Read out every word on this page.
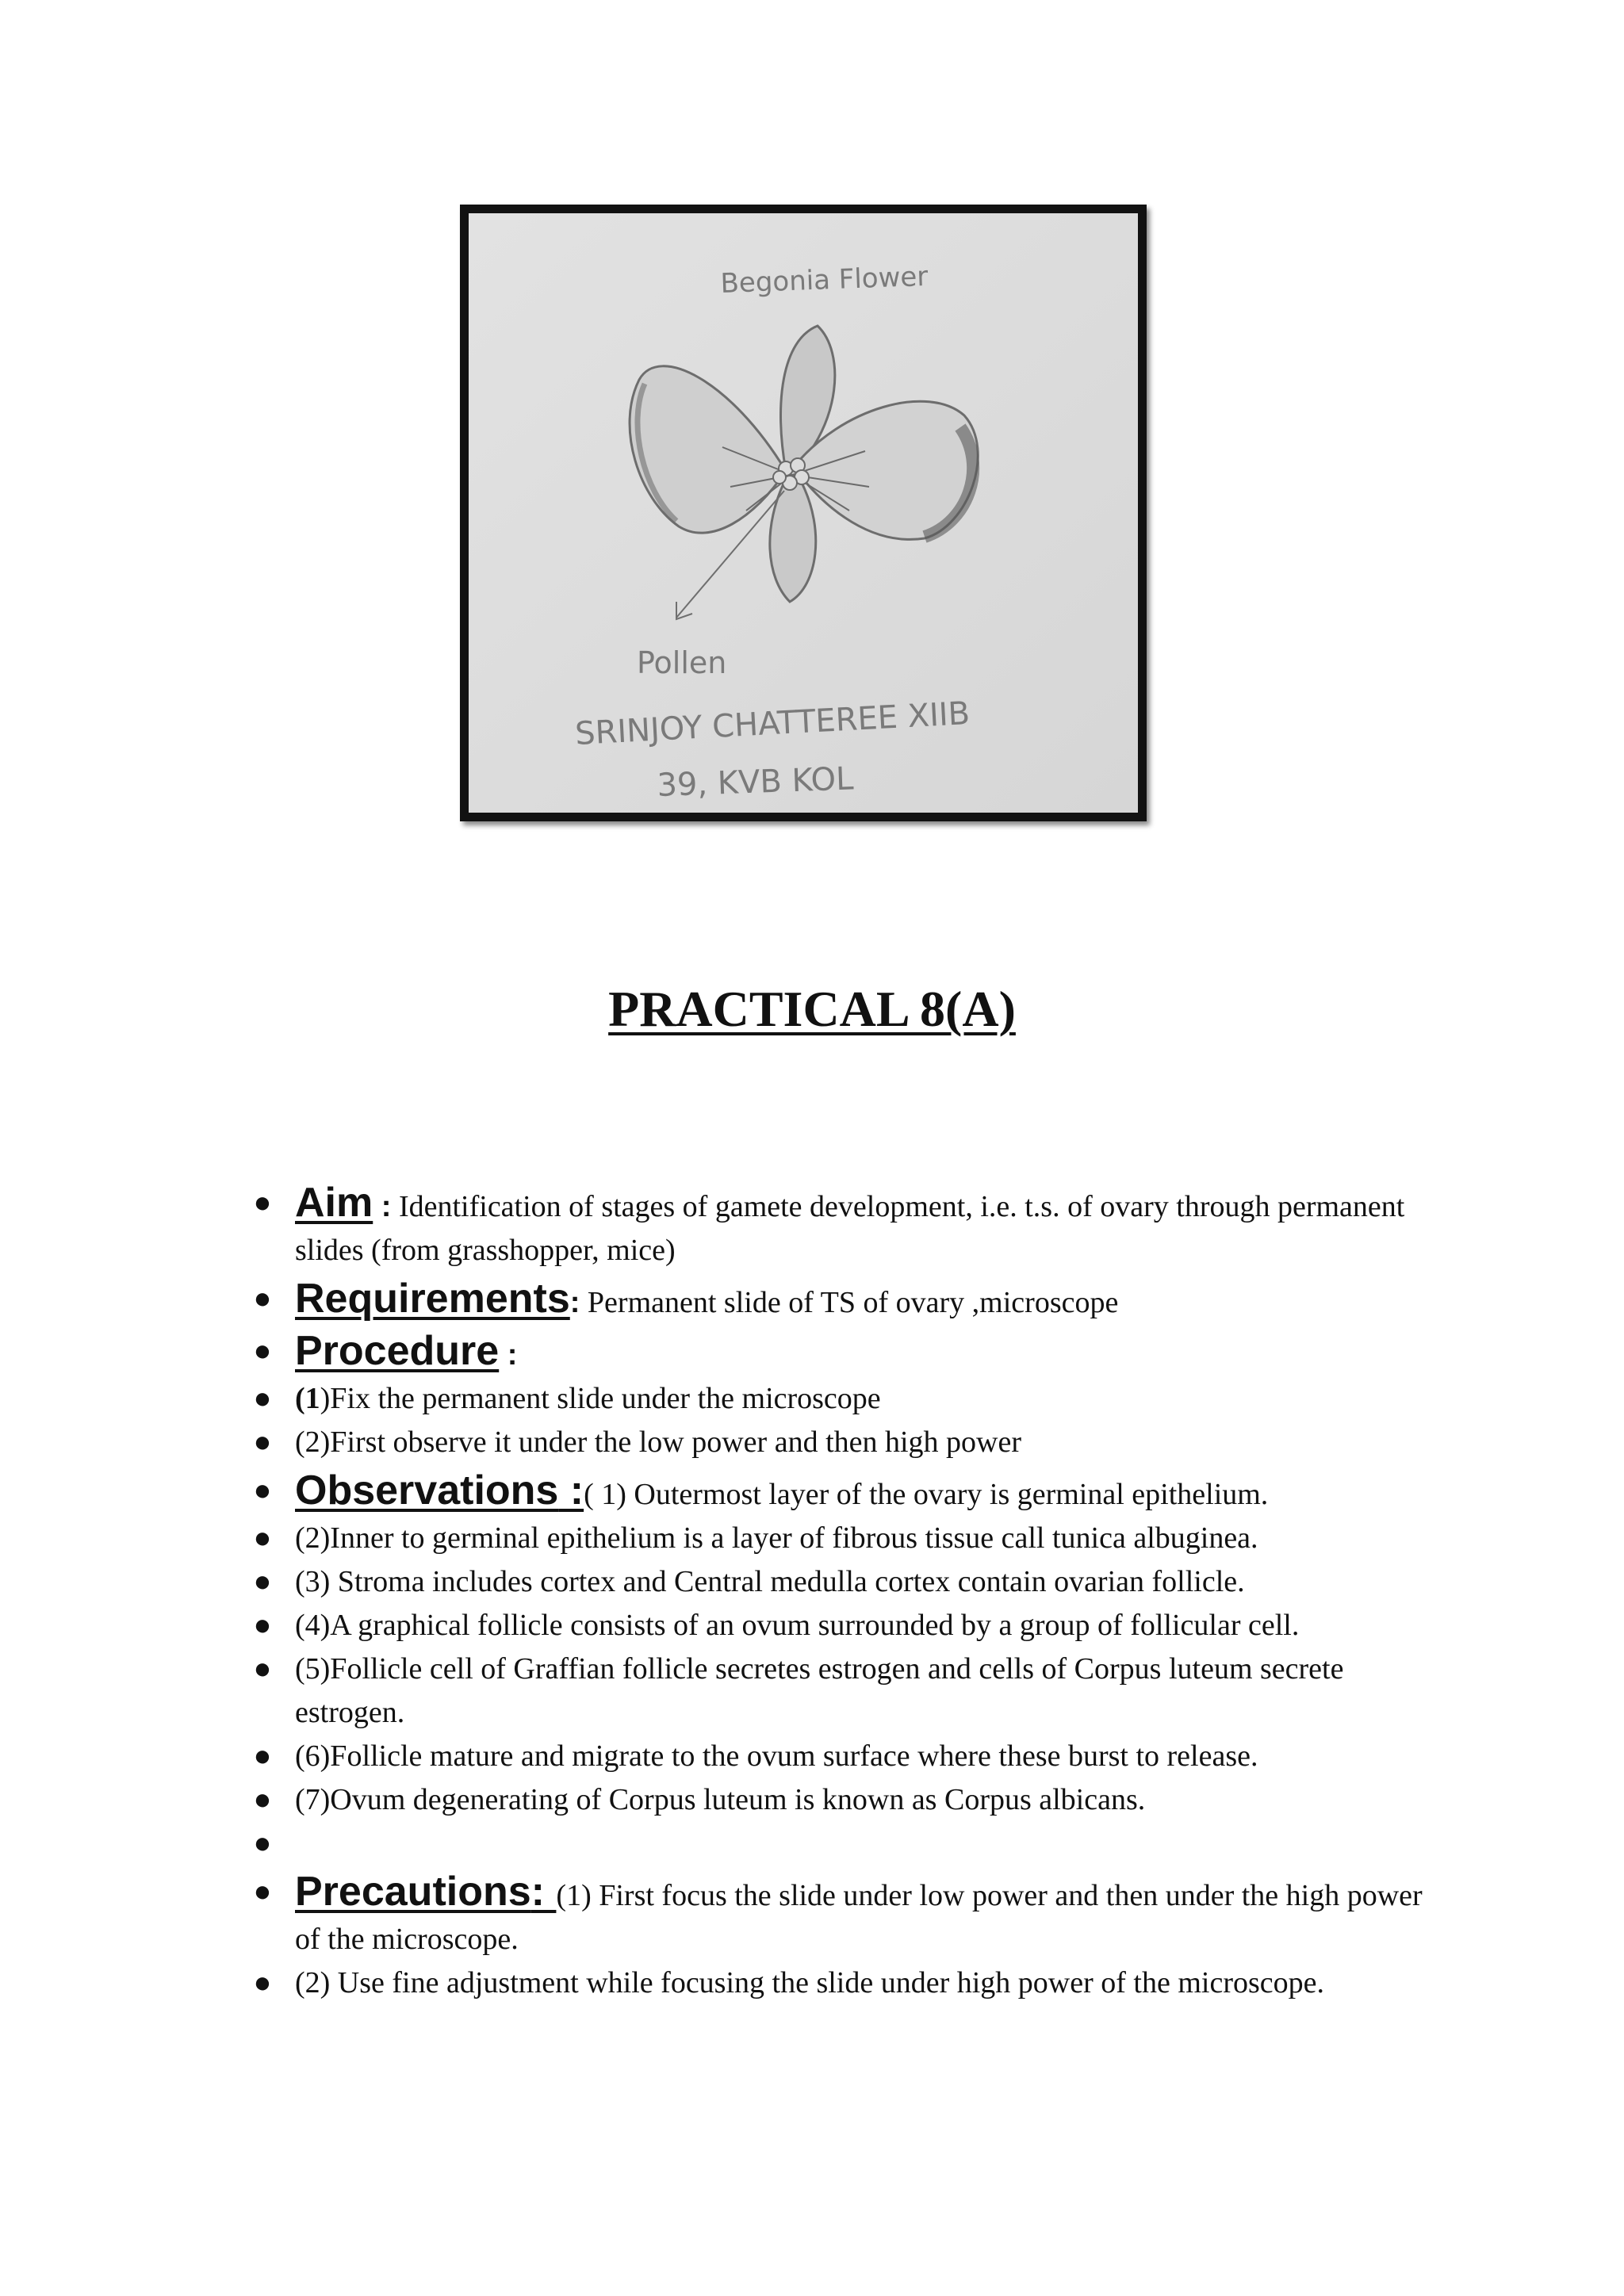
Begonia Flower
Pollen
SRINJOY CHATTEREE XIIB
39, KVB KOL
PRACTICAL 8(A)
● Aim : Identification of stages of gamete development, i.e. t.s. of ovary through permanent slides (from grasshopper, mice)
● Requirements: Permanent slide of TS of ovary ,microscope
● Procedure :
● (1)Fix the permanent slide under the microscope
● (2)First observe it under the low power and then high power
● Observations :( 1) Outermost layer of the ovary is germinal epithelium.
● (2)Inner to germinal epithelium is a layer of fibrous tissue call tunica albuginea.
● (3) Stroma includes cortex and Central medulla cortex contain ovarian follicle.
● (4)A graphical follicle consists of an ovum surrounded by a group of follicular cell.
● (5)Follicle cell of Graffian follicle secretes estrogen and cells of Corpus luteum secrete estrogen.
● (6)Follicle mature and migrate to the ovum surface where these burst to release.
● (7)Ovum degenerating of Corpus luteum is known as Corpus albicans.
●
● Precautions: (1) First focus the slide under low power and then under the high power of the microscope.
● (2) Use fine adjustment while focusing the slide under high power of the microscope.
